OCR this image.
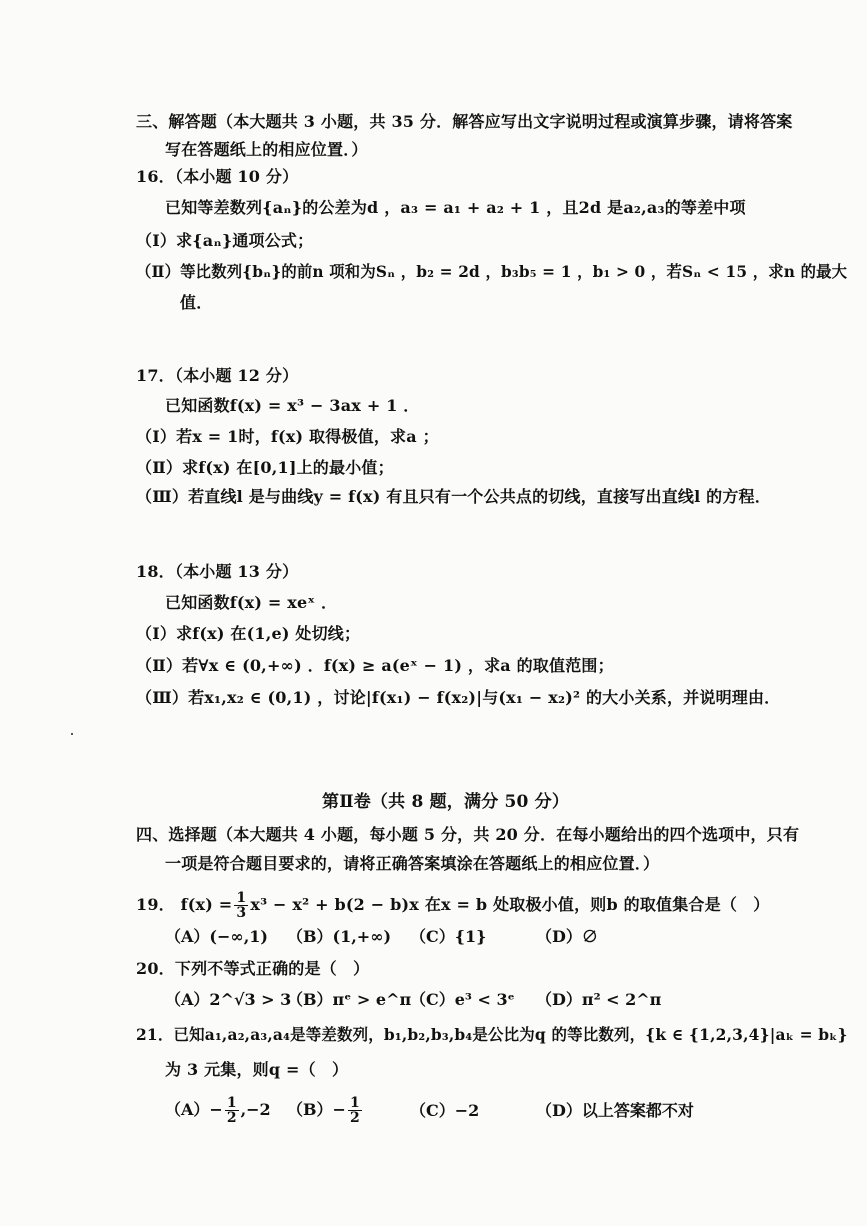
三、解答题（本大题共 3 小题，共 35 分．解答应写出文字说明过程或演算步骤，请将答案
写在答题纸上的相应位置．）
16．（本小题 10 分）
已知等差数列{aₙ}的公差为d ，a₃ = a₁ + a₂ + 1 ，且2d 是a₂,a₃的等差中项
（Ⅰ）求{aₙ}通项公式；
（Ⅱ）等比数列{bₙ}的前n 项和为Sₙ ，b₂ = 2d ，b₃b₅ = 1 ，b₁ > 0 ，若Sₙ < 15 ，求n 的最大
值．
17．（本小题 12 分）
已知函数f(x) = x³ − 3ax + 1 ．
（Ⅰ）若x = 1时，f(x) 取得极值，求a ；
（Ⅱ）求f(x) 在[0,1]上的最小值；
（Ⅲ）若直线l 是与曲线y = f(x) 有且只有一个公共点的切线，直接写出直线l 的方程．
18．（本小题 13 分）
已知函数f(x) = xeˣ ．
（Ⅰ）求f(x) 在(1,e) 处切线；
（Ⅱ）若∀x ∈ (0,+∞) ．f(x) ≥ a(eˣ − 1) ，求a 的取值范围；
（Ⅲ）若x₁,x₂ ∈ (0,1) ，讨论|f(x₁) − f(x₂)|与(x₁ − x₂)² 的大小关系，并说明理由．
第Ⅱ卷（共 8 题，满分 50 分）
四、选择题（本大题共 4 小题，每小题 5 分，共 20 分．在每小题给出的四个选项中，只有
一项是符合题目要求的，请将正确答案填涂在答题纸上的相应位置．）
19． $f(x) = \frac{1}{3} x^3 - x^2 + b(2 - b)x$ 在x = b 处取极小值，则b 的取值集合是（　）
（A）(−∞,1) （B）(1,+∞) （C）{1}	（D）∅
20．下列不等式正确的是（　）
（A）2^√3 > 3
（B）πᵉ > e^π
（C）e³ < 3ᵉ （D）π² < 2^π
21．已知a₁,a₂,a₃,a₄是等差数列，b₁,b₂,b₃,b₄是公比为q 的等比数列，{k ∈ {1,2,3,4}|aₖ = bₖ}
为 3 元集，则q =（　）
$(A)- \frac{1}{2} ,-2$ $(B)- \frac{1}{2}$	（C）−2	（D）以上答案都不对
